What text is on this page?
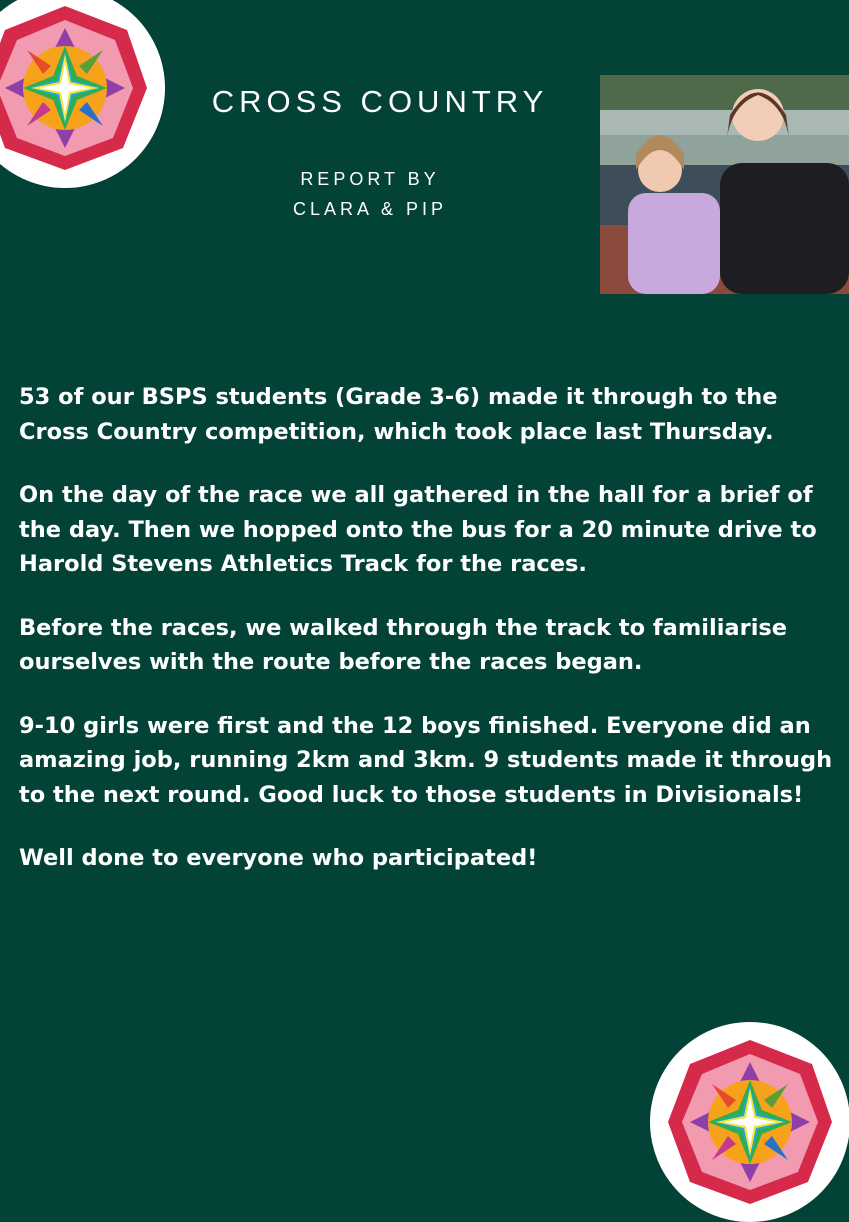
CROSS COUNTRY
REPORT BY
CLARA & PIP

53 of our BSPS students (Grade 3-6) made it through to the Cross Country competition, which took place last Thursday.

On the day of the race we all gathered in the hall for a brief of the day. Then we hopped onto the bus for a 20 minute drive to Harold Stevens Athletics Track for the races.

Before the races, we walked through the track to familiarise ourselves with the route before the races began.

9-10 girls were first and the 12 boys finished. Everyone did an amazing job, running 2km and 3km. 9 students made it through to the next round. Good luck to those students in Divisionals!

Well done to everyone who participated!
